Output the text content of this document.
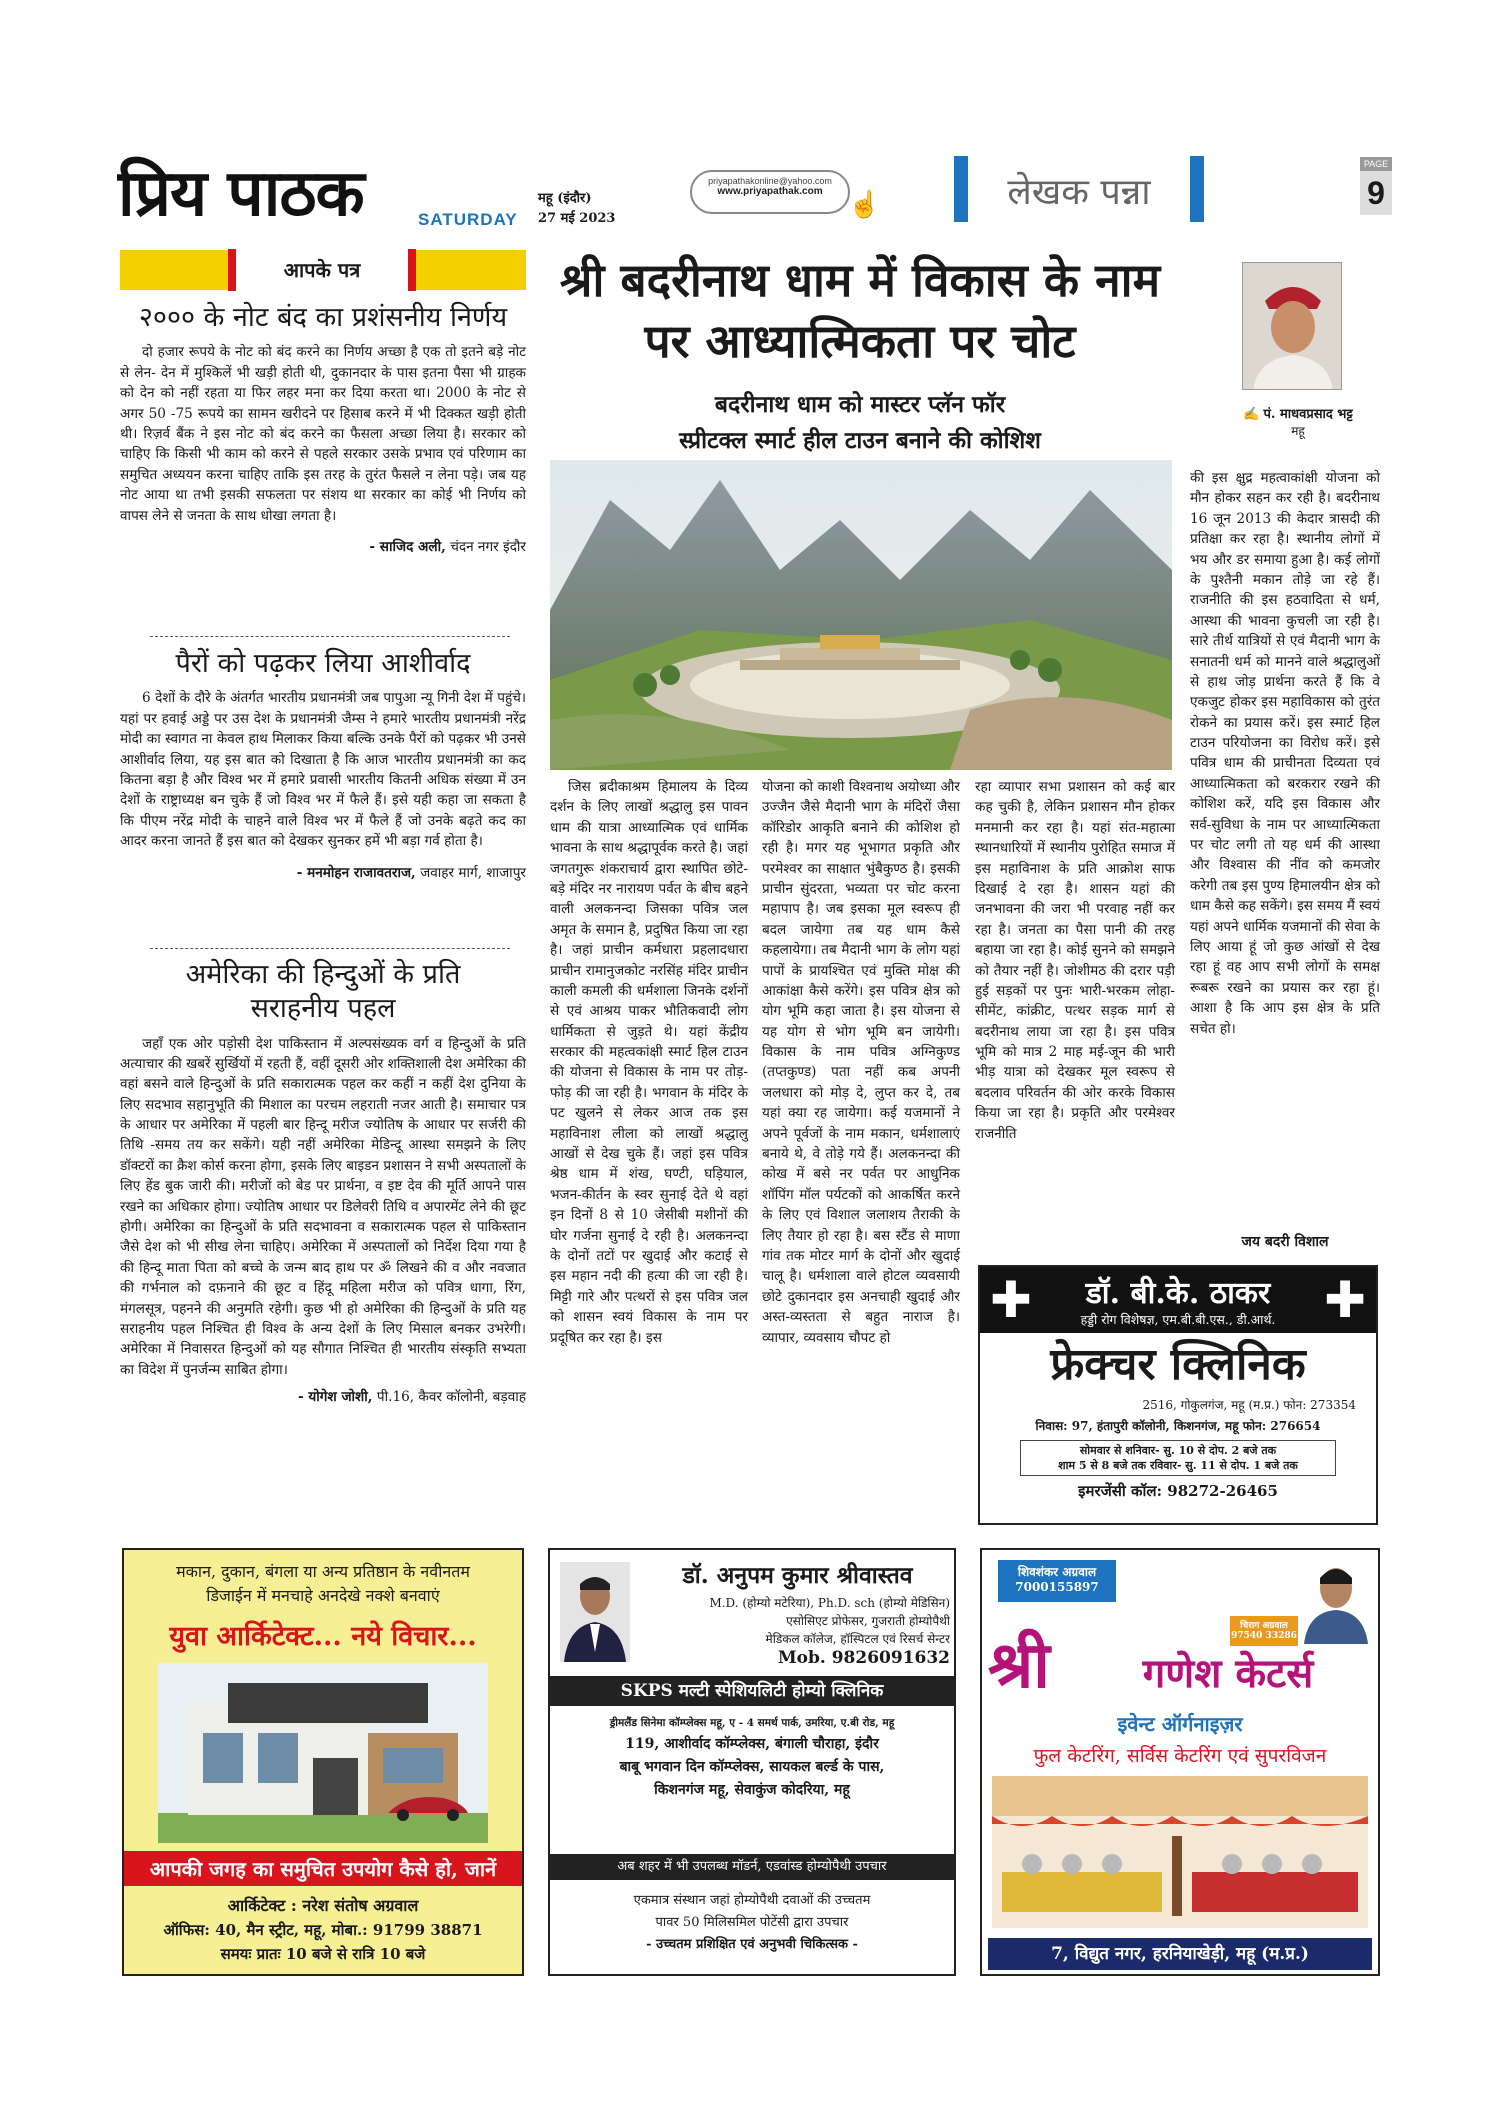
प्रिय पाठक	SATURDAY
महू (इंदौर)
27 मई 2023
priyapathakonline@yahoo.com
www.priyapathak.com ☝	लेखक पन्ना
PAGE
9
आपके पत्र
२००० के नोट बंद का प्रशंसनीय निर्णय

दो हजार रूपये के नोट को बंद करने का निर्णय अच्छा है एक तो इतने बड़े नोट से लेन- देन में मुश्किलें भी खड़ी होती थी, दुकानदार के पास इतना पैसा भी ग्राहक को देन को नहीं रहता या फिर लहर मना कर दिया करता था। 2000 के नोट से अगर 50 -75 रूपये का सामन खरीदने पर हिसाब करने में भी दिक्कत खड़ी होती थी। रिज़र्व बैंक ने इस नोट को बंद करने का फैसला अच्छा लिया है। सरकार को चाहिए कि किसी भी काम को करने से पहले सरकार उसके प्रभाव एवं परिणाम का समुचित अध्ययन करना चाहिए ताकि इस तरह के तुरंत फैसले न लेना पड़े। जब यह नोट आया था तभी इसकी सफलता पर संशय था सरकार का कोई भी निर्णय को वापस लेने से जनता के साथ धोखा लगता है।

- साजिद अली, चंदन नगर इंदौर
पैरों को पढ़कर लिया आशीर्वाद

6 देशों के दौरे के अंतर्गत भारतीय प्रधानमंत्री जब पापुआ न्यू गिनी देश में पहुंचे। यहां पर हवाई अड्डे पर उस देश के प्रधानमंत्री जैम्स ने हमारे भारतीय प्रधानमंत्री नरेंद्र मोदी का स्वागत ना केवल हाथ मिलाकर किया बल्कि उनके पैरों को पढ़कर भी उनसे आशीर्वाद लिया, यह इस बात को दिखाता है कि आज भारतीय प्रधानमंत्री का कद कितना बड़ा है और विश्व भर में हमारे प्रवासी भारतीय कितनी अधिक संख्या में उन देशों के राष्ट्राध्यक्ष बन चुके हैं जो विश्व भर में फैले हैं। इसे यही कहा जा सकता है कि पीएम नरेंद्र मोदी के चाहने वाले विश्व भर में फैले हैं जो उनके बढ़ते कद का आदर करना जानते हैं इस बात को देखकर सुनकर हमें भी बड़ा गर्व होता है।

- मनमोहन राजावतराज, जवाहर मार्ग, शाजापुर
अमेरिका की हिन्दुओं के प्रति सराहनीय पहल

जहाँ एक ओर पड़ोसी देश पाकिस्तान में अल्पसंख्यक वर्ग व हिन्दुओं के प्रति अत्याचार की खबरें सुर्खियों में रहती हैं, वहीं दूसरी ओर शक्तिशाली देश अमेरिका की वहां बसने वाले हिन्दुओं के प्रति सकारात्मक पहल कर कहीं न कहीं देश दुनिया के लिए सदभाव सहानुभूति की मिशाल का परचम लहराती नजर आती है। समाचार पत्र के आधार पर अमेरिका में पहली बार हिन्दू मरीज ज्योतिष के आधार पर सर्जरी की तिथि -समय तय कर सकेंगे। यही नहीं अमेरिका मेडिन्दू आस्था समझने के लिए डॉक्टरों का क्रैश कोर्स करना होगा, इसके लिए बाइडन प्रशासन ने सभी अस्पतालों के लिए हेंड बुक जारी की। मरीजों को बेड पर प्रार्थना, व इष्ट देव की मूर्ति आपने पास रखने का अधिकार होगा। ज्योतिष आधार पर डिलेवरी तिथि व अपारमेंट लेने की छूट होगी। अमेरिका का हिन्दुओं के प्रति सदभावना व सकारात्मक पहल से पाकिस्तान जैसे देश को भी सीख लेना चाहिए। अमेरिका में अस्पतालों को निर्देश दिया गया है की हिन्दू माता पिता को बच्चे के जन्म बाद हाथ पर ॐ लिखने की व और नवजात की गर्भनाल को दफ़नाने की छूट व हिंदू महिला मरीज को पवित्र धागा, रिंग, मंगलसूत्र, पहनने की अनुमति रहेगी। कुछ भी हो अमेरिका की हिन्दुओं के प्रति यह सराहनीय पहल निश्चित ही विश्व के अन्य देशों के लिए मिसाल बनकर उभरेगी। अमेरिका में निवासरत हिन्दुओं को यह सौगात निश्चित ही भारतीय संस्कृति सभ्यता का विदेश में पुनर्जन्म साबित होगा।

- योगेश जोशी, पी.16, कैवर कॉलोनी, बड़वाह
श्री बदरीनाथ धाम में विकास के नाम पर आध्यात्मिकता पर चोट
बदरीनाथ धाम को मास्टर प्लॅन फॉर
स्प्रीटक्ल स्मार्ट हील टाउन बनाने की कोशिश
✍ पं. माधवप्रसाद भट्ट
महू

जिस ब्रदीकाश्रम हिमालय के दिव्य दर्शन के लिए लाखों श्रद्धालु इस पावन धाम की यात्रा आध्यात्मिक एवं धार्मिक भावना के साथ श्रद्धापूर्वक करते है। जहां जगतगुरू शंकराचार्य द्वारा स्थापित छोटे-बड़े मंदिर नर नारायण पर्वत के बीच बहने वाली अलकनन्दा जिसका पवित्र जल अमृत के समान है, प्रदुषित किया जा रहा है। जहां प्राचीन कर्मधारा प्रहलादधारा प्राचीन रामानुजकोट नरसिंह मंदिर प्राचीन काली कमली की धर्मशाला जिनके दर्शनों से एवं आश्रय पाकर भौतिकवादी लोग धार्मिकता से जुड़ते थे। यहां केंद्रीय सरकार की महत्वकांक्षी स्मार्ट हिल टाउन की योजना से विकास के नाम पर तोड़-फोड़ की जा रही है। भगवान के मंदिर के पट खुलने से लेकर आज तक इस महाविनाश लीला को लाखों श्रद्धालु आखों से देख चुके हैं। जहां इस पवित्र श्रेष्ठ धाम में शंख, घण्टी, घड़ियाल, भजन-कीर्तन के स्वर सुनाई देते थे वहां इन दिनों 8 से 10 जेसीबी मशीनों की घोर गर्जना सुनाई दे रही है। अलकनन्दा के दोनों तटों पर खुदाई और कटाई से इस महान नदी की हत्या की जा रही है। मिट्टी गारे और पत्थरों से इस पवित्र जल को शासन स्वयं विकास के नाम पर प्रदूषित कर रहा है। इस

योजना को काशी विश्वनाथ अयोध्या और उज्जैन जैसे मैदानी भाग के मंदिरों जैसा कॉरिडोर आकृति बनाने की कोशिश हो रही है। मगर यह भूभागत प्रकृति और परमेश्वर का साक्षात भुंबैकुण्ठ है। इसकी प्राचीन सुंदरता, भव्यता पर चोट करना महापाप है। जब इसका मूल स्वरूप ही बदल जायेगा तब यह धाम कैसे कहलायेगा। तब मैदानी भाग के लोग यहां पापों के प्रायश्चित एवं मुक्ति मोक्ष की आकांक्षा कैसे करेंगे। इस पवित्र क्षेत्र को योग भूमि कहा जाता है। इस योजना से यह योग से भोग भूमि बन जायेगी। विकास के नाम पवित्र अग्निकुण्ड (तप्तकुण्ड) पता नहीं कब अपनी जलधारा को मोड़ दे, लुप्त कर दे, तब यहां क्या रह जायेगा। कई यजमानों ने अपने पूर्वजों के नाम मकान, धर्मशालाएं बनाये थे, वे तोड़े गये हैं। अलकनन्दा की कोख में बसे नर पर्वत पर आधुनिक शॉपिंग मॉल पर्यटकों को आकर्षित करने के लिए एवं विशाल जलाशय तैराकी के लिए तैयार हो रहा है। बस स्टैंड से माणा गांव तक मोटर मार्ग के दोनों और खुदाई चालू है। धर्मशाला वाले होटल व्यवसायी छोटे दुकानदार इस अनचाही खुदाई और अस्त-व्यस्तता से बहुत नाराज है। व्यापार, व्यवसाय चौपट हो

रहा व्यापार सभा प्रशासन को कई बार कह चुकी है, लेकिन प्रशासन मौन होकर मनमानी कर रहा है। यहां संत-महात्मा स्थानधारियों में स्थानीय पुरोहित समाज में इस महाविनाश के प्रति आक्रोश साफ दिखाई दे रहा है। शासन यहां की जनभावना की जरा भी परवाह नहीं कर रहा है। जनता का पैसा पानी की तरह बहाया जा रहा है। कोई सुनने को समझने को तैयार नहीं है। जोशीमठ की दरार पड़ी हुई सड़कों पर पुनः भारी-भरकम लोहा-सीमेंट, कांक्रीट, पत्थर सड़क मार्ग से बदरीनाथ लाया जा रहा है। इस पवित्र भूमि को मात्र 2 माह मई-जून की भारी भीड़ यात्रा को देखकर मूल स्वरूप से बदलाव परिवर्तन की ओर करके विकास किया जा रहा है। प्रकृति और परमेश्वर राजनीति

की इस क्षुद्र महत्वाकांक्षी योजना को मौन होकर सहन कर रही है। बदरीनाथ 16 जून 2013 की केदार त्रासदी की प्रतिक्षा कर रहा है। स्थानीय लोगों में भय और डर समाया हुआ है। कई लोगों के पुश्तैनी मकान तोड़े जा रहे हैं। राजनीति की इस हठवादिता से धर्म, आस्था की भावना कुचली जा रही है। सारे तीर्थ यात्रियों से एवं मैदानी भाग के सनातनी धर्म को मानने वाले श्रद्धालुओं से हाथ जोड़ प्रार्थना करते हैं कि वे एकजुट होकर इस महाविकास को तुरंत रोकने का प्रयास करें। इस स्मार्ट हिल टाउन परियोजना का विरोध करें। इसे पवित्र धाम की प्राचीनता दिव्यता एवं आध्यात्मिकता को बरकरार रखने की कोशिश करें, यदि इस विकास और सर्व-सुविधा के नाम पर आध्यात्मिकता पर चोट लगी तो यह धर्म की आस्था और विश्वास की नींव को कमजोर करेगी तब इस पुण्य हिमालयीन क्षेत्र को धाम कैसे कह सकेंगे। इस समय मैं स्वयं यहां अपने धार्मिक यजमानों की सेवा के लिए आया हूं जो कुछ आंखों से देख रहा हूं वह आप सभी लोगों के समक्ष रूबरू रखने का प्रयास कर रहा हूं। आशा है कि आप इस क्षेत्र के प्रति सचेत हो।

जय बदरी विशाल
✚	✚
डॉ. बी.के. ठाकर
हड्डी रोग विशेषज्ञ, एम.बी.बी.एस., डी.आर्थ.
फ्रेक्चर क्लिनिक
2516, गोकुलगंज, महू (म.प्र.) फोन: 273354
निवास: 97, हंतापुरी कॉलोनी, किशनगंज, महू फोन: 276654
सोमवार से शनिवार- सु. 10 से दोप. 2 बजे तक
शाम 5 से 8 बजे तक रविवार- सु. 11 से दोप. 1 बजे तक
इमरजेंसी कॉल: 98272-26465
मकान, दुकान, बंगला या अन्य प्रतिष्ठान के नवीनतम
डिजाईन में मनचाहे अनदेखे नक्शे बनवाएं
युवा आर्किटेक्ट... नये विचार...
आपकी जगह का समुचित उपयोग कैसे हो, जानें
आर्किटेक्ट : नरेश संतोष अग्रवाल
ऑफिस: 40, मैन स्ट्रीट, महू, मोबा.: 91799 38871
समयः प्रातः 10 बजे से रात्रि 10 बजे
डॉ. अनुपम कुमार श्रीवास्तव
M.D. (होम्यो मटेरिया), Ph.D. sch (होम्यो मेडिसिन)
एसोसिएट प्रोफेसर, गुजराती होम्योपैथी
मेडिकल कॉलेज, हॉस्पिटल एवं रिसर्च सेन्टर
Mob. 9826091632
SKPS मल्टी स्पेशियलिटी होम्यो क्लिनिक
ड्रीमलैंड सिनेमा कॉम्प्लेक्स महू, ए - 4 समर्थ पार्क, उमरिया, ए.बी रोड, महू
119, आशीर्वाद कॉम्प्लेक्स, बंगाली चौराहा, इंदौर
बाबू भगवान दिन कॉम्प्लेक्स, सायकल बर्ल्ड के पास,
किशनगंज महू, सेवाकुंज कोदरिया, महू
अब शहर में भी उपलब्ध मॉडर्न, एडवांस्ड होम्योपैथी उपचार
एकमात्र संस्थान जहां होम्योपैथी दवाओं की उच्चतम
पावर 50 मिलिसमिल पोटेंसी द्वारा उपचार
- उच्चतम प्रशिक्षित एवं अनुभवी चिकित्सक -
शिवशंकर अग्रवाल
7000155897
चिराग अग्रवाल
97540 33286
श्री	गणेश केटर्स
इवेन्ट ऑर्गनाइज़र
फुल केटरिंग, सर्विस केटरिंग एवं सुपरविजन
7, विद्युत नगर, हरनियाखेड़ी, महू (म.प्र.)
